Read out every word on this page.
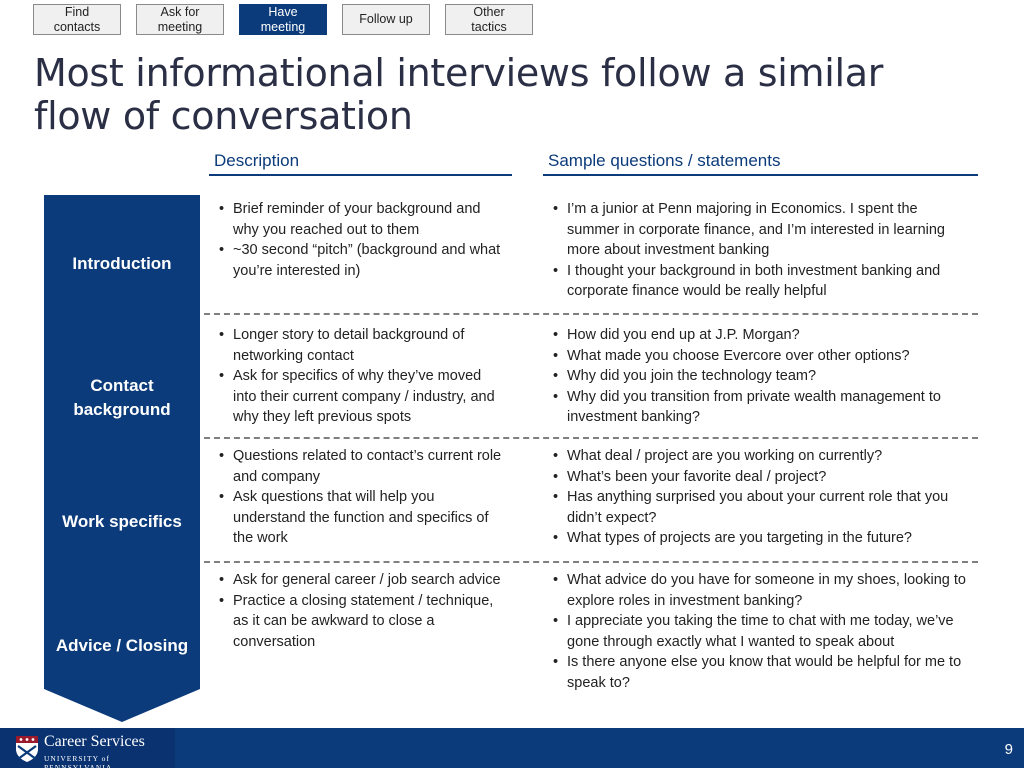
Find
contacts
Ask for
meeting
Have
meeting
Follow up
Other
tactics
Most informational interviews follow a similar flow of conversation
Description	Sample questions / statements
Introduction
Contact background
Work specifics
Advice / Closing
• Brief reminder of your background and why you reached out to them
• ~30 second “pitch” (background and what you’re interested in)
• I’m a junior at Penn majoring in Economics. I spent the summer in corporate finance, and I’m interested in learning more about investment banking
• I thought your background in both investment banking and corporate finance would be really helpful
• Longer story to detail background of networking contact
• Ask for specifics of why they’ve moved into their current company / industry, and why they left previous spots
• How did you end up at J.P. Morgan?
• What made you choose Evercore over other options?
• Why did you join the technology team?
• Why did you transition from private wealth management to investment banking?
• Questions related to contact’s current role and company
• Ask questions that will help you understand the function and specifics of the work
• What deal / project are you working on currently?
• What’s been your favorite deal / project?
• Has anything surprised you about your current role that you didn’t expect?
• What types of projects are you targeting in the future?
• Ask for general career / job search advice
• Practice a closing statement / technique, as it can be awkward to close a conversation
• What advice do you have for someone in my shoes, looking to explore roles in investment banking?
• I appreciate you taking the time to chat with me today, we’ve gone through exactly what I wanted to speak about
• Is there anyone else you know that would be helpful for me to speak to?
Career Services
UNIVERSITY of PENNSYLVANIA
9
